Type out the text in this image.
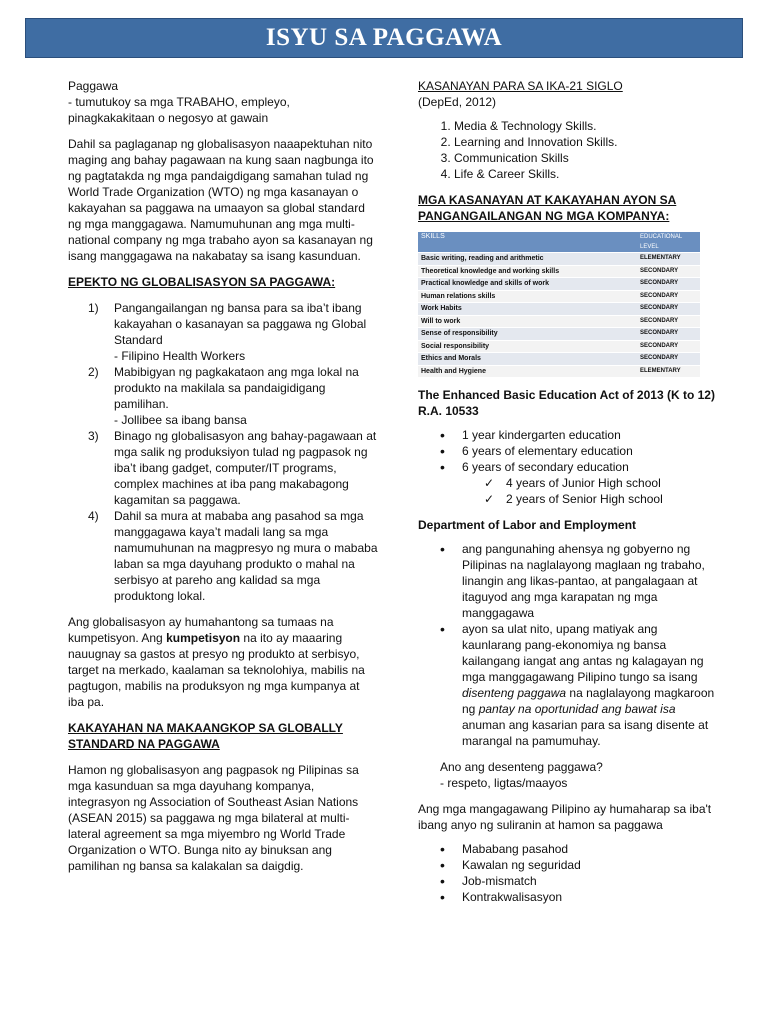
ISYU SA PAGGAWA

Paggawa

- tumutukoy sa mga TRABAHO, empleyo, pinagkakakitaan o negosyo at gawain

Dahil sa paglaganap ng globalisasyon naaapektuhan nito maging ang bahay pagawaan na kung saan nagbunga ito ng pagtatakda ng mga pandaigdigang samahan tulad ng World Trade Organization (WTO) ng mga kasanayan o kakayahan sa paggawa na umaayon sa global standard ng mga manggagawa. Namumuhunan ang mga multi-national company ng mga trabaho ayon sa kasanayan ng isang manggagawa na nakabatay sa isang kasunduan.

EPEKTO NG GLOBALISASYON SA PAGGAWA:

1) Pangangailangan ng bansa para sa iba’t ibang kakayahan o kasanayan sa paggawa ng Global Standard
- Filipino Health Workers
2) Mabibigyan ng pagkakataon ang mga lokal na produkto na makilala sa pandaigidigang pamilihan.
- Jollibee sa ibang bansa
3) Binago ng globalisasyon ang bahay-pagawaan at mga salik ng produksiyon tulad ng pagpasok ng iba’t ibang gadget, computer/IT programs, complex machines at iba pang makabagong kagamitan sa paggawa.
4) Dahil sa mura at mababa ang pasahod sa mga manggagawa kaya’t madali lang sa mga namumuhunan na magpresyo ng mura o mababa laban sa mga dayuhang produkto o mahal na serbisyo at pareho ang kalidad sa mga produktong lokal.

Ang globalisasyon ay humahantong sa tumaas na kumpetisyon. Ang kumpetisyon na ito ay maaaring nauugnay sa gastos at presyo ng produkto at serbisyo, target na merkado, kaalaman sa teknolohiya, mabilis na pagtugon, mabilis na produksyon ng mga kumpanya at iba pa.

KAKAYAHAN NA MAKAANGKOP SA GLOBALLY STANDARD NA PAGGAWA

Hamon ng globalisasyon ang pagpasok ng Pilipinas sa mga kasunduan sa mga dayuhang kompanya, integrasyon ng Association of Southeast Asian Nations (ASEAN 2015) sa paggawa ng mga bilateral at multi-lateral agreement sa mga miyembro ng World Trade Organization o WTO. Bunga nito ay binuksan ang pamilihan ng bansa sa kalakalan sa daigdig.

KASANAYAN PARA SA IKA-21 SIGLO

(DepEd, 2012)

1. Media & Technology Skills.
2. Learning and Innovation Skills.
3. Communication Skills
4. Life & Career Skills.

MGA KASANAYAN AT KAKAYAHAN AYON SA PANGANGAILANGAN NG MGA KOMPANYA:

SKILLS	EDUCATIONAL LEVEL
Basic writing, reading and arithmetic	ELEMENTARY
Theoretical knowledge and working skills	SECONDARY
Practical knowledge and skills of work	SECONDARY
Human relations skills	SECONDARY
Work Habits	SECONDARY
Will to work	SECONDARY
Sense of responsibility	SECONDARY
Social responsibility	SECONDARY
Ethics and Morals	SECONDARY
Health and Hygiene	ELEMENTARY

The Enhanced Basic Education Act of 2013 (K to 12) R.A. 10533

• 1 year kindergarten education
• 6 years of elementary education
• 6 years of secondary education
✓ 4 years of Junior High school
✓ 2 years of Senior High school

Department of Labor and Employment

• ang pangunahing ahensya ng gobyerno ng Pilipinas na naglalayong maglaan ng trabaho, linangin ang likas-pantao, at pangalagaan at itaguyod ang mga karapatan ng mga manggagawa
• ayon sa ulat nito, upang matiyak ang kaunlarang pang-ekonomiya ng bansa kailangang iangat ang antas ng kalagayan ng mga manggagawang Pilipino tungo sa isang disenteng paggawa na naglalayong magkaroon ng pantay na oportunidad ang bawat isa anuman ang kasarian para sa isang disente at marangal na pamumuhay.

Ano ang desenteng paggawa?

- respeto, ligtas/maayos

Ang mga mangagawang Pilipino ay humaharap sa iba't ibang anyo ng suliranin at hamon sa paggawa

• Mababang pasahod
• Kawalan ng seguridad
• Job-mismatch
• Kontrakwalisasyon
